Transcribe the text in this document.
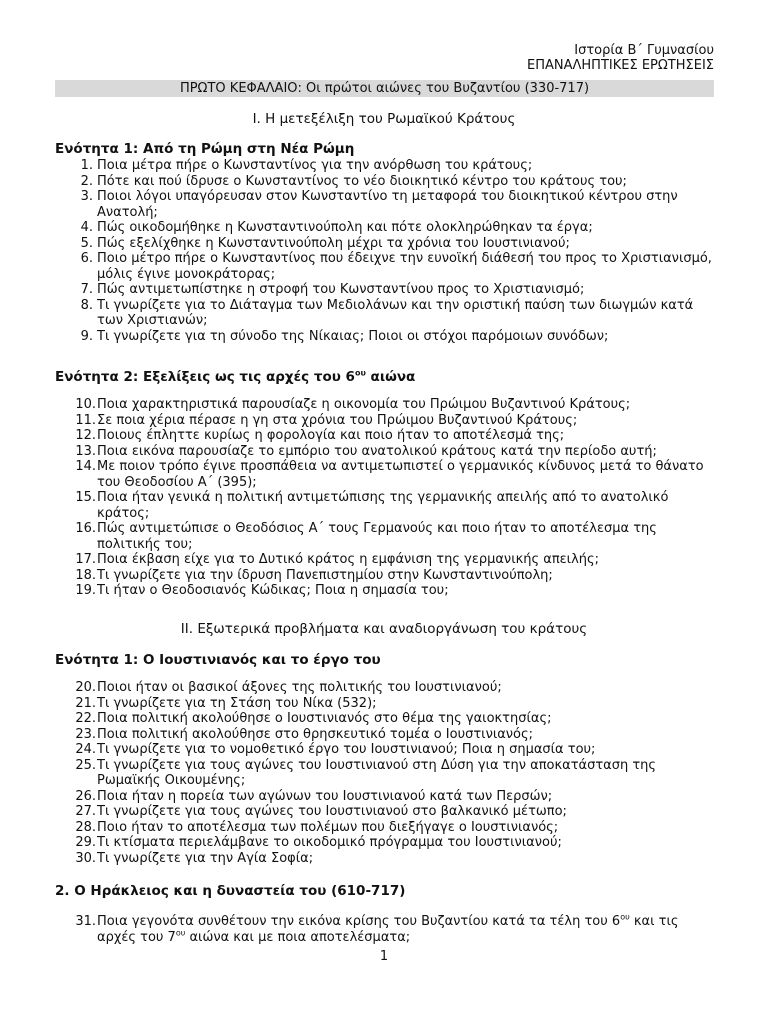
Ιστορία Β΄ Γυμνασίου
ΕΠΑΝΑΛΗΠΤΙΚΕΣ ΕΡΩΤΗΣΕΙΣ
ΠΡΩΤΟ ΚΕΦΑΛΑΙΟ: Οι πρώτοι αιώνες του Βυζαντίου (330-717)
Ι. Η μετεξέλιξη του Ρωμαϊκού Κράτους
Ενότητα 1: Από τη Ρώμη στη Νέα Ρώμη
1. Ποια μέτρα πήρε ο Κωνσταντίνος για την ανόρθωση του κράτους;
2. Πότε και πού ίδρυσε ο Κωνσταντίνος το νέο διοικητικό κέντρο του κράτους του;
3. Ποιοι λόγοι υπαγόρευσαν στον Κωνσταντίνο τη μεταφορά του διοικητικού κέντρου στην Ανατολή;
4. Πώς οικοδομήθηκε η Κωνσταντινούπολη και πότε ολοκληρώθηκαν τα έργα;
5. Πώς εξελίχθηκε η Κωνσταντινούπολη μέχρι τα χρόνια του Ιουστινιανού;
6. Ποιο μέτρο πήρε ο Κωνσταντίνος που έδειχνε την ευνοϊκή διάθεσή του προς το Χριστιανισμό, μόλις έγινε μονοκράτορας;
7. Πώς αντιμετωπίστηκε η στροφή του Κωνσταντίνου προς το Χριστιανισμό;
8. Τι γνωρίζετε για το Διάταγμα των Μεδιολάνων και την οριστική παύση των διωγμών κατά των Χριστιανών;
9. Τι γνωρίζετε για τη σύνοδο της Νίκαιας; Ποιοι οι στόχοι παρόμοιων συνόδων;
Ενότητα 2: Εξελίξεις ως τις αρχές του $6^{o\upsilon}$ αιώνα
10. Ποια χαρακτηριστικά παρουσίαζε η οικονομία του Πρώιμου Βυζαντινού Κράτους;
11. Σε ποια χέρια πέρασε η γη στα χρόνια του Πρώιμου Βυζαντινού Κράτους;
12. Ποιους έπληττε κυρίως η φορολογία και ποιο ήταν το αποτέλεσμά της;
13. Ποια εικόνα παρουσίαζε το εμπόριο του ανατολικού κράτους κατά την περίοδο αυτή;
14. Με ποιον τρόπο έγινε προσπάθεια να αντιμετωπιστεί ο γερμανικός κίνδυνος μετά το θάνατο του Θεοδοσίου Α΄ (395);
15. Ποια ήταν γενικά η πολιτική αντιμετώπισης της γερμανικής απειλής από το ανατολικό κράτος;
16. Πώς αντιμετώπισε ο Θεοδόσιος Α΄ τους Γερμανούς και ποιο ήταν το αποτέλεσμα της πολιτικής του;
17. Ποια έκβαση είχε για το Δυτικό κράτος η εμφάνιση της γερμανικής απειλής;
18. Τι γνωρίζετε για την ίδρυση Πανεπιστημίου στην Κωνσταντινούπολη;
19. Τι ήταν ο Θεοδοσιανός Κώδικας; Ποια η σημασία του;
ΙΙ. Εξωτερικά προβλήματα και αναδιοργάνωση του κράτους
Ενότητα 1: Ο Ιουστινιανός και το έργο του
20. Ποιοι ήταν οι βασικοί άξονες της πολιτικής του Ιουστινιανού;
21. Τι γνωρίζετε για τη Στάση του Νίκα (532);
22. Ποια πολιτική ακολούθησε ο Ιουστινιανός στο θέμα της γαιοκτησίας;
23. Ποια πολιτική ακολούθησε στο θρησκευτικό τομέα ο Ιουστινιανός;
24. Τι γνωρίζετε για το νομοθετικό έργο του Ιουστινιανού; Ποια η σημασία του;
25. Τι γνωρίζετε για τους αγώνες του Ιουστινιανού στη Δύση για την αποκατάσταση της Ρωμαϊκής Οικουμένης;
26. Ποια ήταν η πορεία των αγώνων του Ιουστινιανού κατά των Περσών;
27. Τι γνωρίζετε για τους αγώνες του Ιουστινιανού στο βαλκανικό μέτωπο;
28. Ποιο ήταν το αποτέλεσμα των πολέμων που διεξήγαγε ο Ιουστινιανός;
29. Τι κτίσματα περιελάμβανε το οικοδομικό πρόγραμμα του Ιουστινιανού;
30. Τι γνωρίζετε για την Αγία Σοφία;
2. Ο Ηράκλειος και η δυναστεία του (610-717)
31. Ποια γεγονότα συνθέτουν την εικόνα κρίσης του Βυζαντίου κατά τα τέλη του $6^{o\upsilon}$ και τις αρχές του $7^{o\upsilon}$ αιώνα και με ποια αποτελέσματα;
1
